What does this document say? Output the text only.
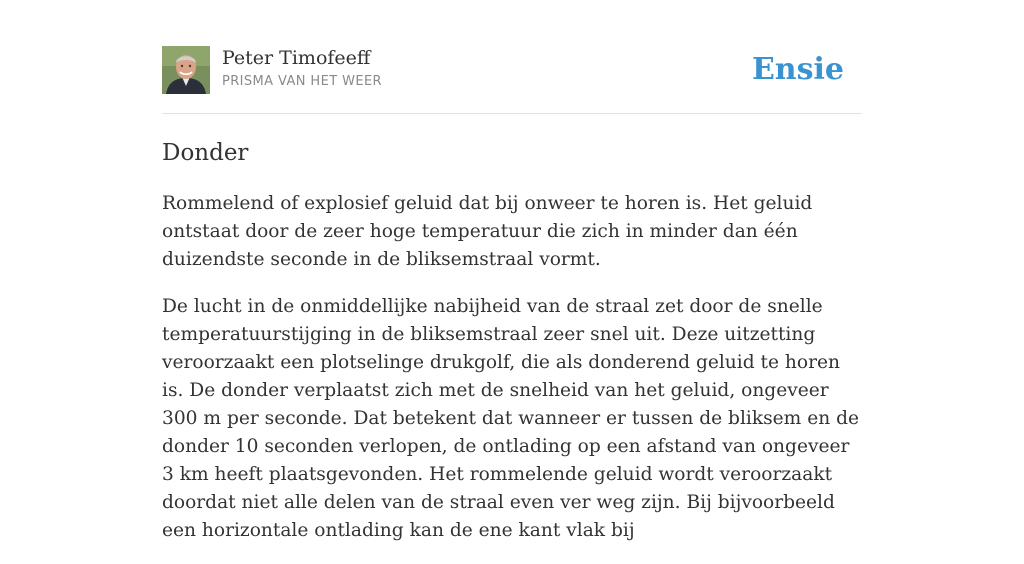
Peter Timofeeff
PRISMA VAN HET WEER	Ensie
Donder

Rommelend of explosief geluid dat bij onweer te horen is. Het geluid ontstaat door de zeer hoge temperatuur die zich in minder dan één duizendste seconde in de bliksemstraal vormt.

De lucht in de onmiddellijke nabijheid van de straal zet door de snelle temperatuurstijging in de bliksemstraal zeer snel uit. Deze uitzetting veroorzaakt een plotselinge drukgolf, die als donderend geluid te horen is. De donder verplaatst zich met de snelheid van het geluid, ongeveer 300 m per seconde. Dat betekent dat wanneer er tussen de bliksem en de donder 10 seconden verlopen, de ontlading op een afstand van ongeveer 3 km heeft plaatsgevonden. Het rommelende geluid wordt veroorzaakt doordat niet alle delen van de straal even ver weg zijn. Bij bijvoorbeeld een horizontale ontlading kan de ene kant vlak bij
